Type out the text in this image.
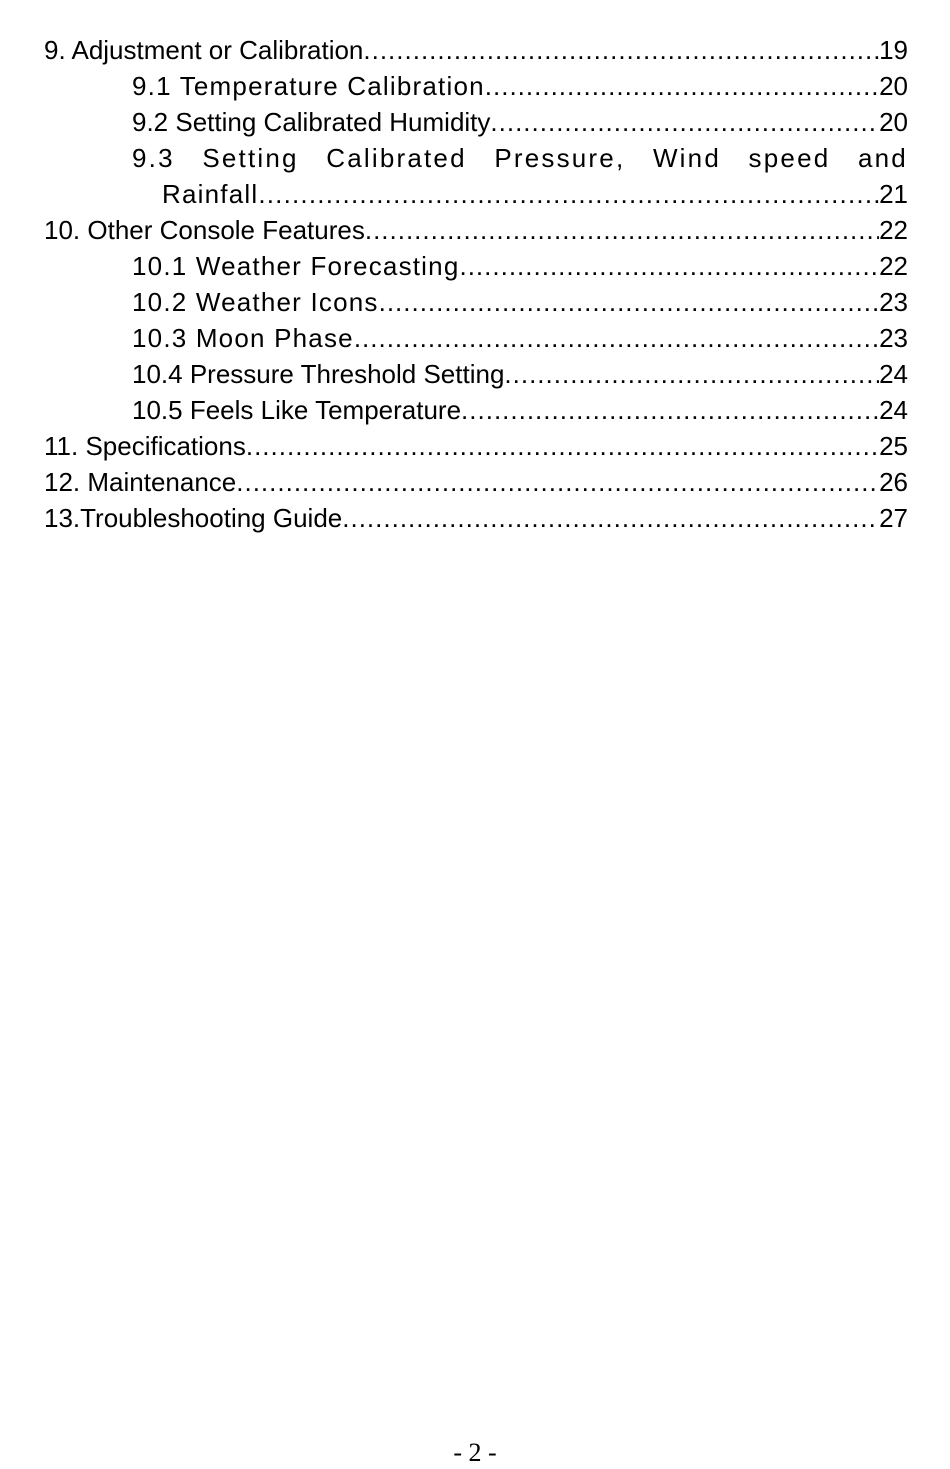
9. Adjustment or Calibration .....	19
9.1 Temperature Calibration .....	20
9.2 Setting Calibrated Humidity .....	20
9.3 Setting Calibrated Pressure, Wind speed and
Rainfall .....	21
10. Other Console Features .....	22
10.1 Weather Forecasting .....	22
10.2 Weather Icons .....	23
10.3 Moon Phase .....	23
10.4 Pressure Threshold Setting .....	24
10.5 Feels Like Temperature .....	24
11. Specifications .....	25
12. Maintenance .....	26
13.Troubleshooting Guide .....	27
- 2 -
